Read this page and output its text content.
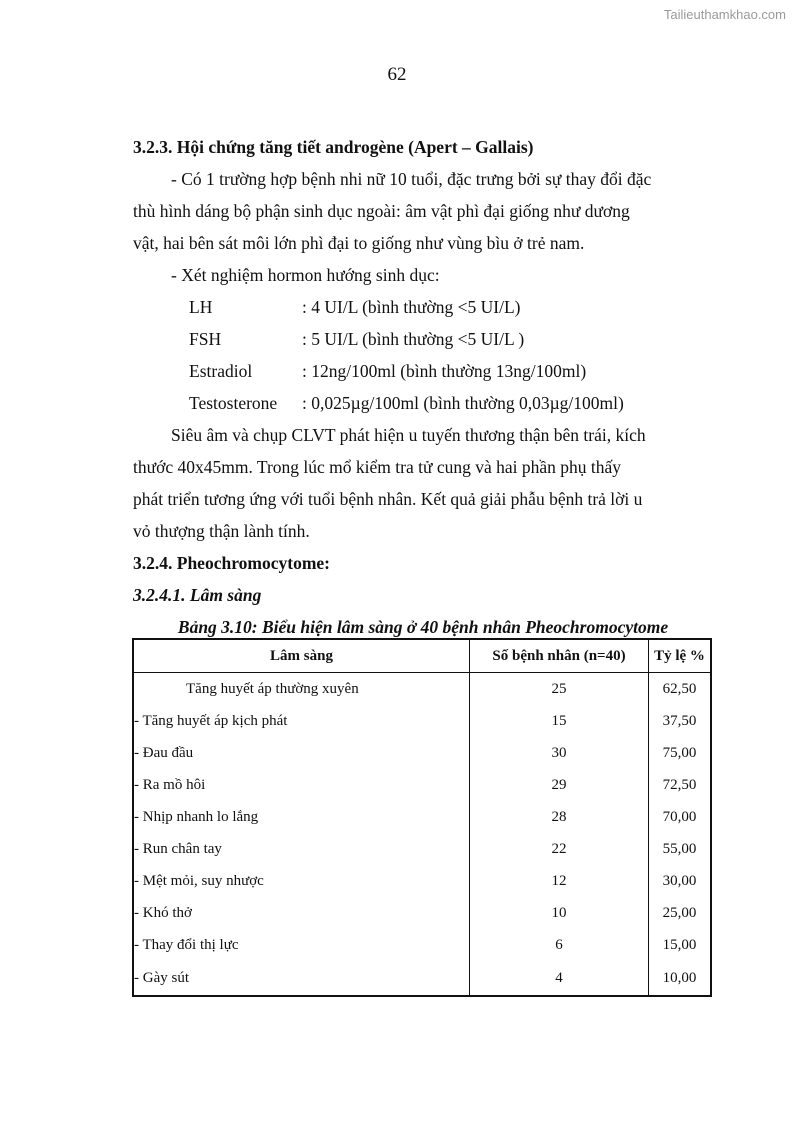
Tailieuthamkhao.com
62
3.2.3. Hội chứng tăng tiết androgène (Apert – Gallais)

- Có 1 trường hợp bệnh nhi nữ 10 tuổi, đặc trưng bởi sự thay đổi đặc
thù hình dáng bộ phận sinh dục ngoài: âm vật phì đại giống như dương
vật, hai bên sát môi lớn phì đại to giống như vùng bìu ở trẻ nam.

- Xét nghiệm hormon hướng sinh dục:
LH	: 4 UI/L (bình thường <5 UI/L)
FSH	: 5 UI/L (bình thường <5 UI/L )
Estradiol	: 12ng/100ml (bình thường 13ng/100ml)
Testosterone	: 0,025µg/100ml (bình thường 0,03µg/100ml)

Siêu âm và chụp CLVT phát hiện u tuyến thương thận bên trái, kích
thước 40x45mm. Trong lúc mổ kiểm tra tử cung và hai phần phụ thấy
phát triển tương ứng với tuổi bệnh nhân. Kết quả giải phẫu bệnh trả lời u
vỏ thượng thận lành tính.

3.2.4. Pheochromocytome:
3.2.4.1. Lâm sàng
Bảng 3.10: Biểu hiện lâm sàng ở 40 bệnh nhân Pheochromocytome
Lâm sàng	Số bệnh nhân (n=40)	Tỷ lệ %
Tăng huyết áp thường xuyên	25	62,50
- Tăng huyết áp kịch phát	15	37,50
- Đau đầu	30	75,00
- Ra mồ hôi	29	72,50
- Nhịp nhanh lo lắng	28	70,00
- Run chân tay	22	55,00
- Mệt mỏi, suy nhược	12	30,00
- Khó thở	10	25,00
- Thay đổi thị lực	6	15,00
- Gày sút	4	10,00
